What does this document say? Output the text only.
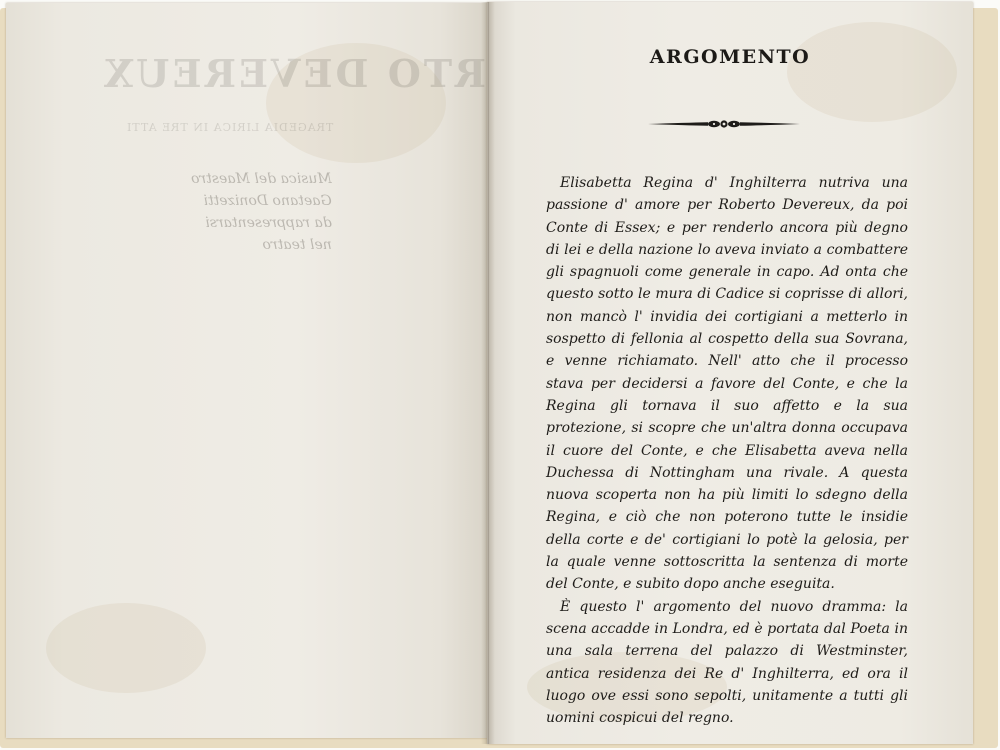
ROBERTO DEVEREUX
TRAGEDIA LIRICA IN TRE ATTI
Musica del Maestro
Gaetano Donizetti
da rappresentarsi
nel teatro
ARGOMENTO

Elisabetta Regina d' Inghilterra nutriva una passione d' amore per Roberto Devereux, da poi Conte di Essex; e per renderlo ancora più degno di lei e della nazione lo aveva inviato a combattere gli spagnuoli come generale in capo. Ad onta che questo sotto le mura di Cadice si coprisse di allori, non mancò l' invidia dei cortigiani a metterlo in sospetto di fellonia al cospetto della sua Sovrana, e venne richiamato. Nell' atto che il processo stava per decidersi a favore del Conte, e che la Regina gli tornava il suo affetto e la sua protezione, si scopre che un'altra donna occupava il cuore del Conte, e che Elisabetta aveva nella Duchessa di Nottingham una rivale. A questa nuova scoperta non ha più limiti lo sdegno della Regina, e ciò che non poterono tutte le insidie della corte e de' cortigiani lo potè la gelosia, per la quale venne sottoscritta la sentenza di morte del Conte, e subito dopo anche eseguita.

È questo l' argomento del nuovo dramma: la scena accadde in Londra, ed è portata dal Poeta in una sala terrena del palazzo di Westminster, antica residenza dei Re d' Inghilterra, ed ora il luogo ove essi sono sepolti, unitamente a tutti gli uomini cospicui del regno.
